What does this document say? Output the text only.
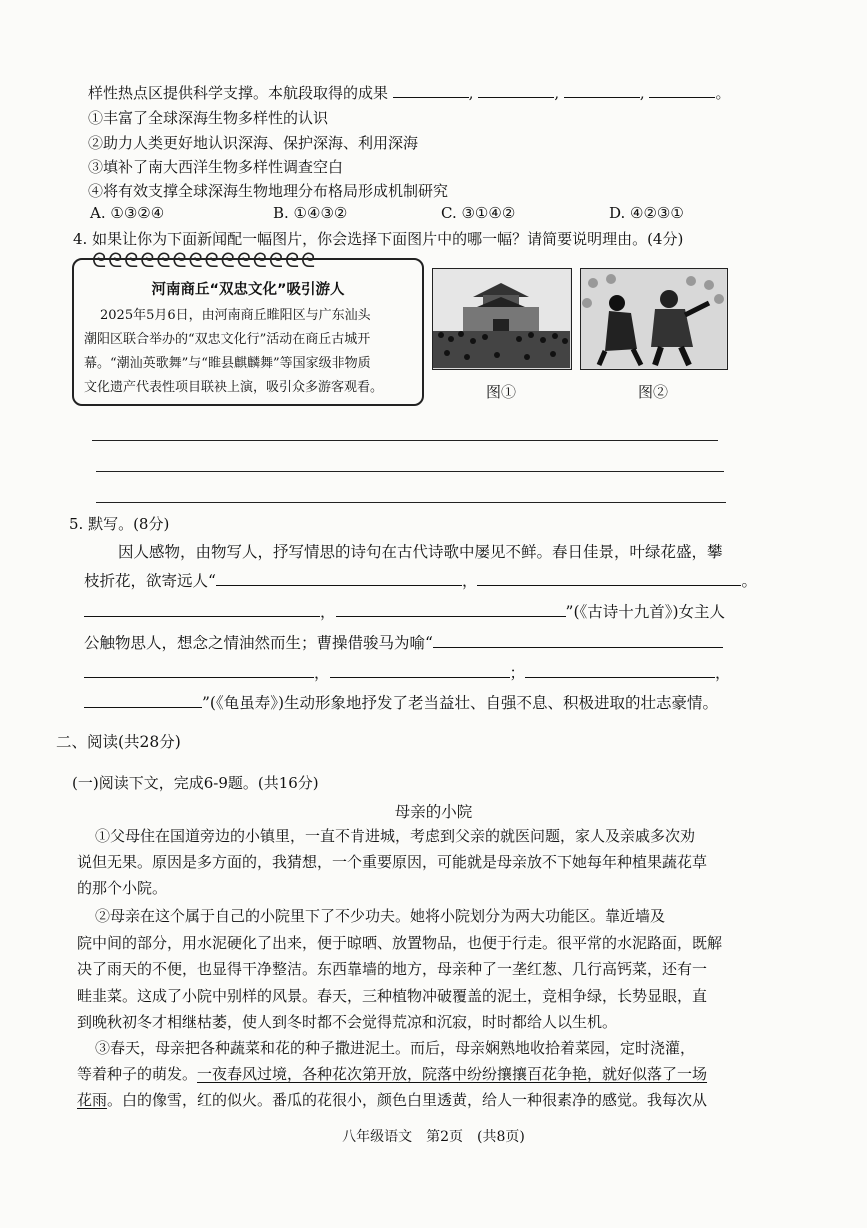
样性热点区提供科学支撑。本航段取得的成果	,	,	,	。
①丰富了全球深海生物多样性的认识
②助力人类更好地认识深海、保护深海、利用深海
③填补了南大西洋生物多样性调查空白
④将有效支撑全球深海生物地理分布格局形成机制研究
A. ①③②④	B. ①④③②	C. ③①④②	D. ④②③①
4. 如果让你为下面新闻配一幅图片，你会选择下面图片中的哪一幅？请简要说明理由。(4分)
ᘓᘓᘓᘓᘓᘓᘓᘓᘓᘓᘓᘓᘓᘓ
河南商丘“双忠文化”吸引游人
2025年5月6日，由河南商丘睢阳区与广东汕头
潮阳区联合举办的“双忠文化行”活动在商丘古城开
幕。“潮汕英歌舞”与“睢县麒麟舞”等国家级非物质
文化遗产代表性项目联袂上演，吸引众多游客观看。	图①	图②
5. 默写。(8分)
因人感物，由物写人，抒写情思的诗句在古代诗歌中屡见不鲜。春日佳景，叶绿花盛，攀
枝折花，欲寄远人“	，	。
，	”(《古诗十九首》)女主人
公触物思人，想念之情油然而生；曹操借骏马为喻“
，	；	，
”(《龟虽寿》)生动形象地抒发了老当益壮、自强不息、积极进取的壮志豪情。
二、阅读(共28分)
(一)阅读下文，完成6-9题。(共16分)
母亲的小院
①父母住在国道旁边的小镇里，一直不肯进城，考虑到父亲的就医问题，家人及亲戚多次劝
说但无果。原因是多方面的，我猜想，一个重要原因，可能就是母亲放不下她每年种植果蔬花草
的那个小院。
②母亲在这个属于自己的小院里下了不少功夫。她将小院划分为两大功能区。靠近墙及
院中间的部分，用水泥硬化了出来，便于晾晒、放置物品，也便于行走。很平常的水泥路面，既解
决了雨天的不便，也显得干净整洁。东西靠墙的地方，母亲种了一垄红葱、几行高钙菜，还有一
畦韭菜。这成了小院中别样的风景。春天，三种植物冲破覆盖的泥土，竞相争绿，长势显眼，直
到晚秋初冬才相继枯萎，使人到冬时都不会觉得荒凉和沉寂，时时都给人以生机。
③春天，母亲把各种蔬菜和花的种子撒进泥土。而后，母亲娴熟地收拾着菜园，定时浇灌，
等着种子的萌发。一夜春风过境，各种花次第开放，院落中纷纷攘攘百花争艳，就好似落了一场
花雨。白的像雪，红的似火。番瓜的花很小，颜色白里透黄，给人一种很素净的感觉。我每次从
八年级语文　第2页　(共8页)
